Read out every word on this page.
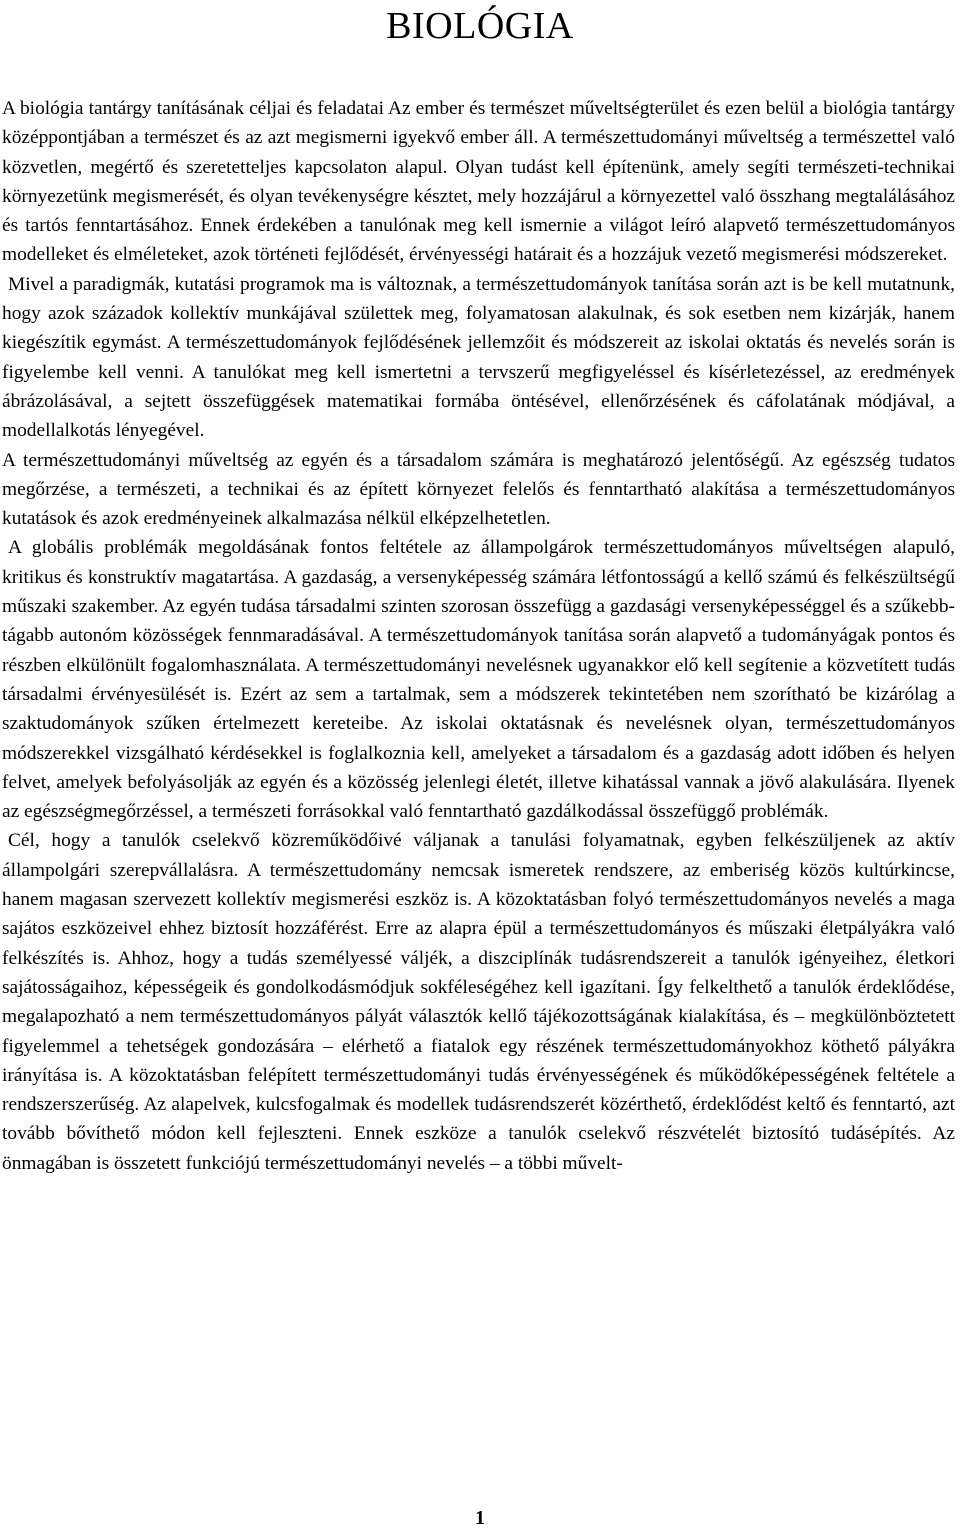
BIOLÓGIA

A biológia tantárgy tanításának céljai és feladatai Az ember és természet műveltségterület és ezen belül a biológia tantárgy középpontjában a természet és az azt megismerni igyekvő ember áll. A természettudományi műveltség a természettel való közvetlen, megértő és szeretetteljes kapcsolaton alapul. Olyan tudást kell építenünk, amely segíti természeti-technikai környezetünk megismerését, és olyan tevékenységre késztet, mely hozzájárul a környezettel való összhang megtalálásához és tartós fenntartásához. Ennek érdekében a tanulónak meg kell ismernie a világot leíró alapvető természettudományos modelleket és elméleteket, azok történeti fejlődését, érvényességi határait és a hozzájuk vezető megismerési módszereket.

Mivel a paradigmák, kutatási programok ma is változnak, a természettudományok tanítása során azt is be kell mutatnunk, hogy azok századok kollektív munkájával születtek meg, folyamatosan alakulnak, és sok esetben nem kizárják, hanem kiegészítik egymást. A természettudományok fejlődésének jellemzőit és módszereit az iskolai oktatás és nevelés során is figyelembe kell venni. A tanulókat meg kell ismertetni a tervszerű megfigyeléssel és kísérletezéssel, az eredmények ábrázolásával, a sejtett összefüggések matematikai formába öntésével, ellenőrzésének és cáfolatának módjával, a modellalkotás lényegével.

A természettudományi műveltség az egyén és a társadalom számára is meghatározó jelentőségű. Az egészség tudatos megőrzése, a természeti, a technikai és az épített környezet felelős és fenntartható alakítása a természettudományos kutatások és azok eredményeinek alkalmazása nélkül elképzelhetetlen.

A globális problémák megoldásának fontos feltétele az állampolgárok természettudományos műveltségen alapuló, kritikus és konstruktív magatartása. A gazdaság, a versenyképesség számára létfontosságú a kellő számú és felkészültségű műszaki szakember. Az egyén tudása társadalmi szinten szorosan összefügg a gazdasági versenyképességgel és a szűkebb-tágabb autonóm közösségek fennmaradásával. A természettudományok tanítása során alapvető a tudományágak pontos és részben elkülönült fogalomhasználata. A természettudományi nevelésnek ugyanakkor elő kell segítenie a közvetített tudás társadalmi érvényesülését is. Ezért az sem a tartalmak, sem a módszerek tekintetében nem szorítható be kizárólag a szaktudományok szűken értelmezett kereteibe. Az iskolai oktatásnak és nevelésnek olyan, természettudományos módszerekkel vizsgálható kérdésekkel is foglalkoznia kell, amelyeket a társadalom és a gazdaság adott időben és helyen felvet, amelyek befolyásolják az egyén és a közösség jelenlegi életét, illetve kihatással vannak a jövő alakulására. Ilyenek az egészségmegőrzéssel, a természeti forrásokkal való fenntartható gazdálkodással összefüggő problémák.

Cél, hogy a tanulók cselekvő közreműködőivé váljanak a tanulási folyamatnak, egyben felkészüljenek az aktív állampolgári szerepvállalásra. A természettudomány nemcsak ismeretek rendszere, az emberiség közös kultúrkincse, hanem magasan szervezett kollektív megismerési eszköz is. A közoktatásban folyó természettudományos nevelés a maga sajátos eszközeivel ehhez biztosít hozzáférést. Erre az alapra épül a természettudományos és műszaki életpályákra való felkészítés is. Ahhoz, hogy a tudás személyessé váljék, a diszciplínák tudásrendszereit a tanulók igényeihez, életkori sajátosságaihoz, képességeik és gondolkodásmódjuk sokféleségéhez kell igazítani. Így felkelthető a tanulók érdeklődése, megalapozható a nem természettudományos pályát választók kellő tájékozottságának kialakítása, és – megkülönböztetett figyelemmel a tehetségek gondozására – elérhető a fiatalok egy részének természettudományokhoz köthető pályákra irányítása is. A közoktatásban felépített természettudományi tudás érvényességének és működőképességének feltétele a rendszerszerűség. Az alapelvek, kulcsfogalmak és modellek tudásrendszerét közérthető, érdeklődést keltő és fenntartó, azt tovább bővíthető módon kell fejleszteni. Ennek eszköze a tanulók cselekvő részvételét biztosító tudásépítés. Az önmagában is összetett funkciójú természettudományi nevelés – a többi művelt-

1
